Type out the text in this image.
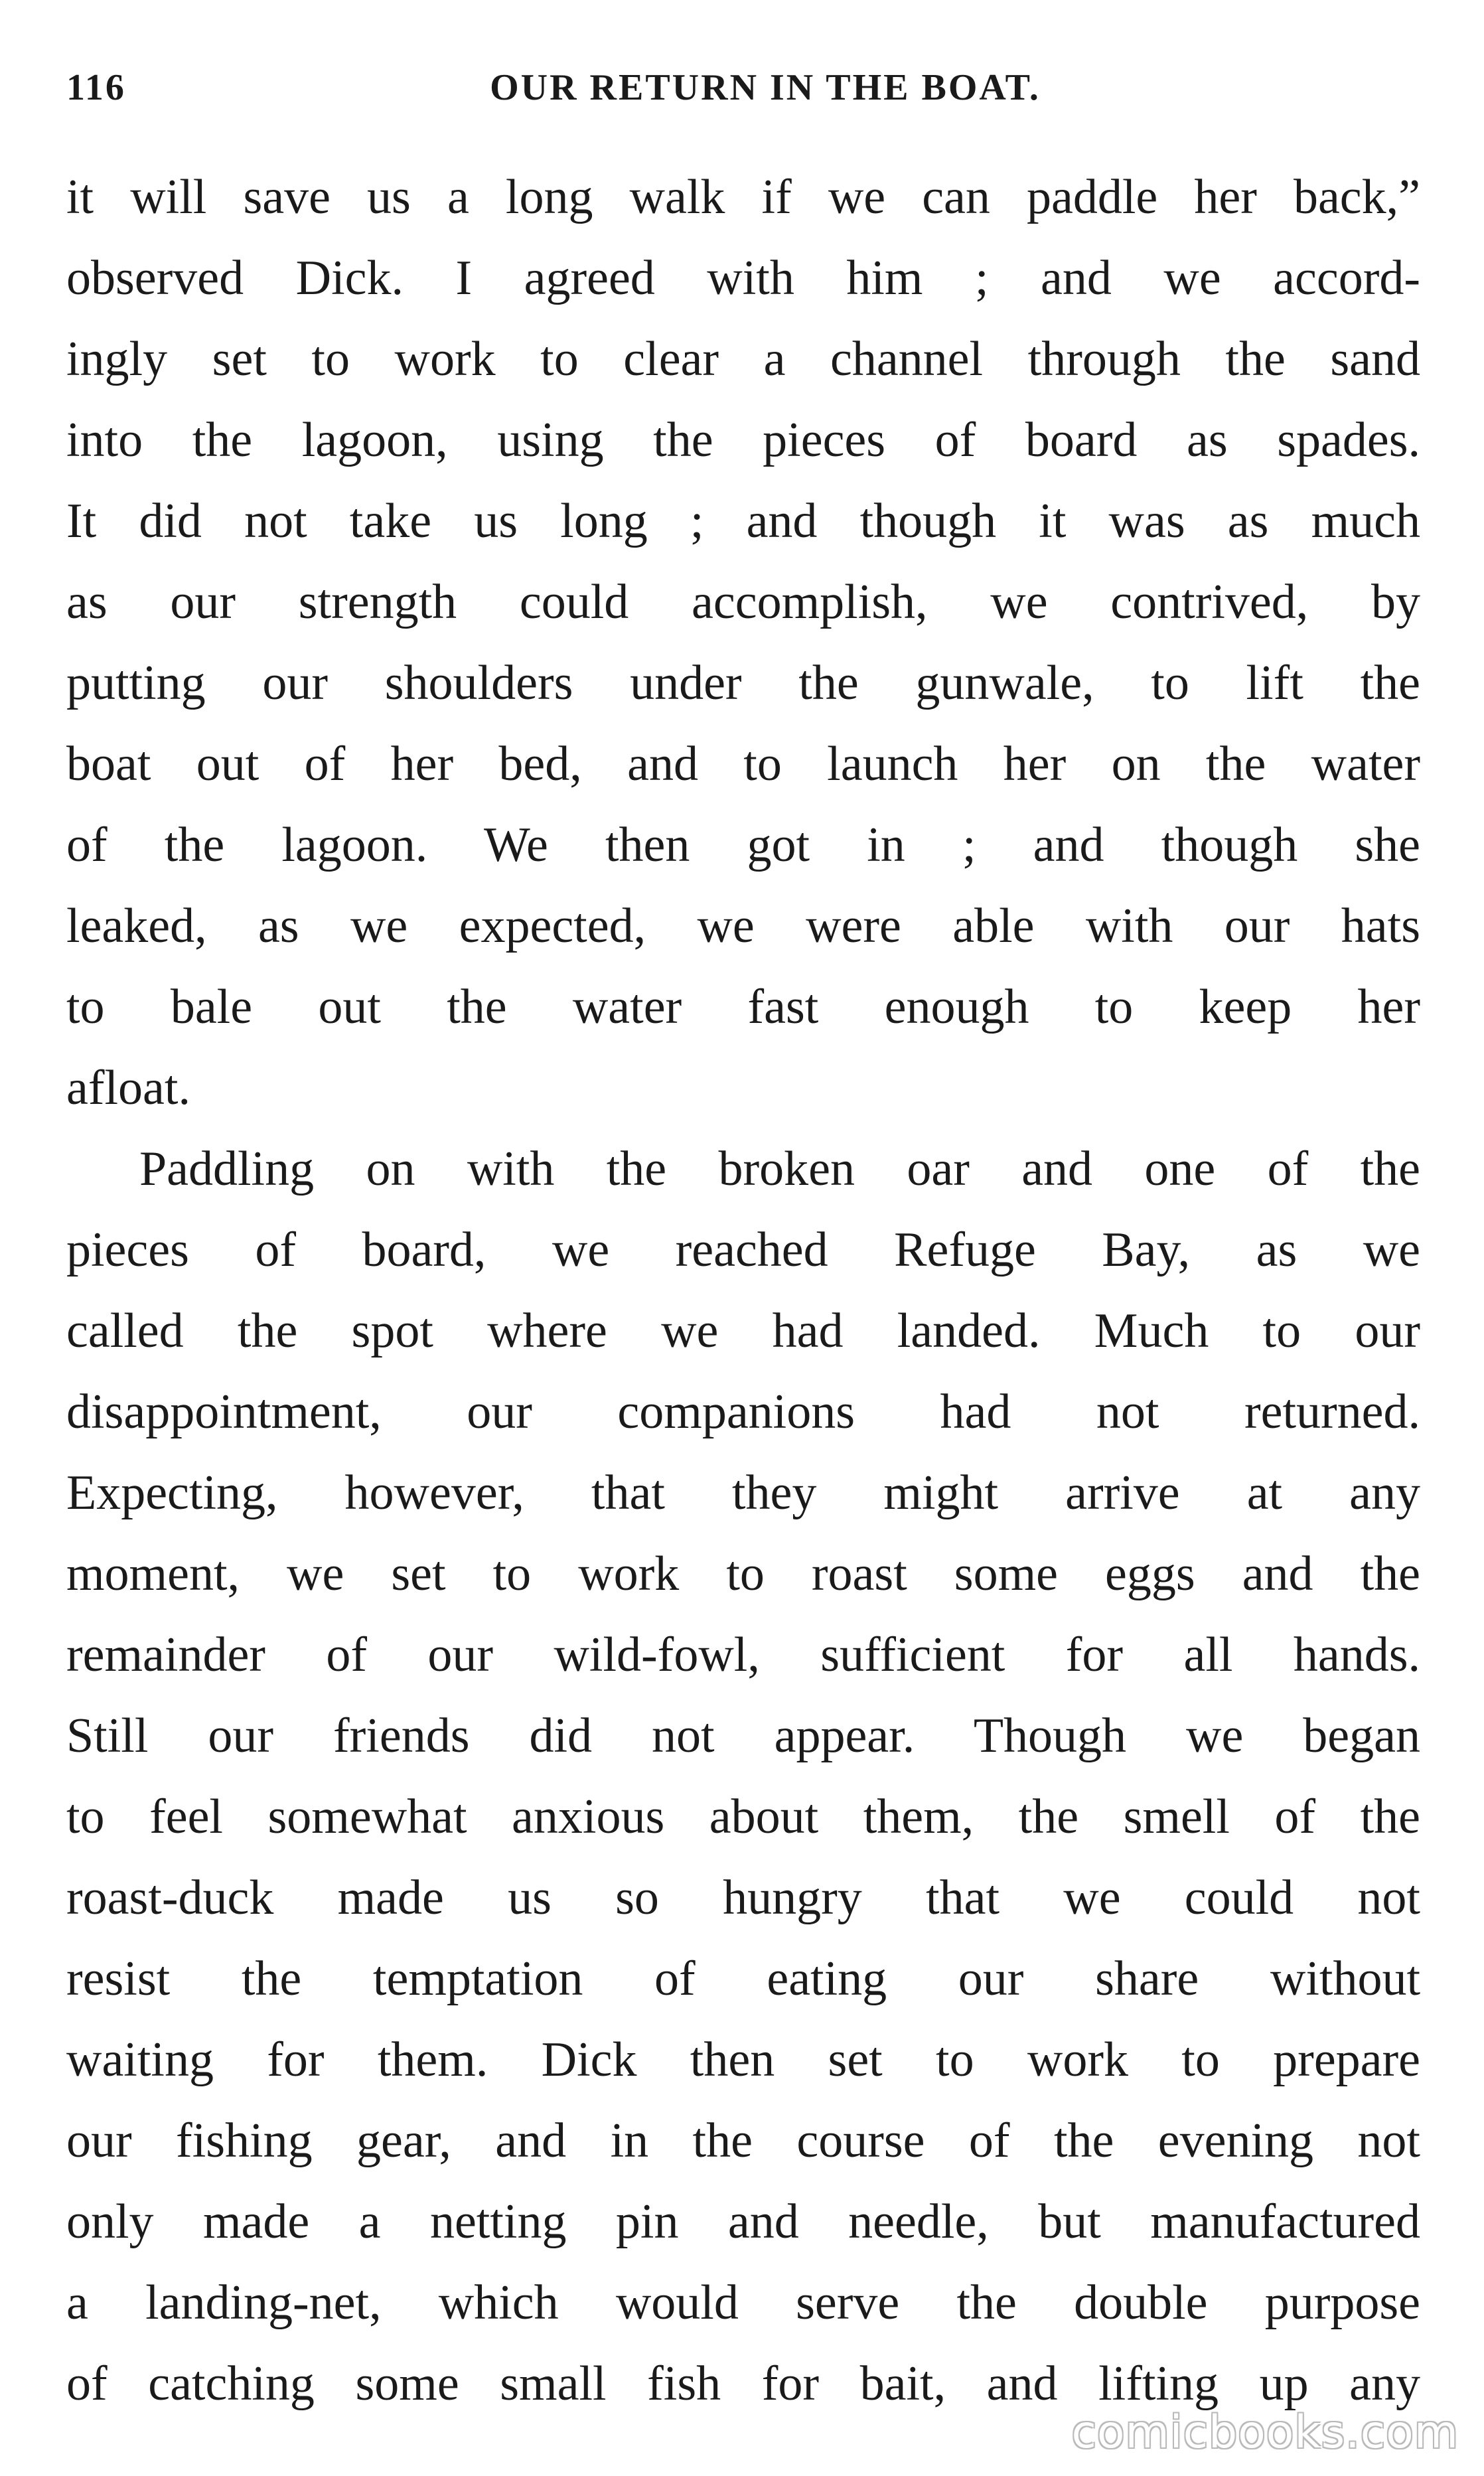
116	OUR RETURN IN THE BOAT.
it will save us a long walk if we can paddle her back,”
observed Dick. I agreed with him ; and we accord-
ingly set to work to clear a channel through the sand
into the lagoon, using the pieces of board as spades.
It did not take us long ; and though it was as much
as our strength could accomplish, we contrived, by
putting our shoulders under the gunwale, to lift the
boat out of her bed, and to launch her on the water
of the lagoon. We then got in ; and though she
leaked, as we expected, we were able with our hats
to bale out the water fast enough to keep her
afloat.
Paddling on with the broken oar and one of the
pieces of board, we reached Refuge Bay, as we
called the spot where we had landed. Much to our
disappointment, our companions had not returned.
Expecting, however, that they might arrive at any
moment, we set to work to roast some eggs and the
remainder of our wild-fowl, sufficient for all hands.
Still our friends did not appear. Though we began
to feel somewhat anxious about them, the smell of the
roast-duck made us so hungry that we could not
resist the temptation of eating our share without
waiting for them. Dick then set to work to prepare
our fishing gear, and in the course of the evening not
only made a netting pin and needle, but manufactured
a landing-net, which would serve the double purpose
of catching some small fish for bait, and lifting up any
comicbooks.com
